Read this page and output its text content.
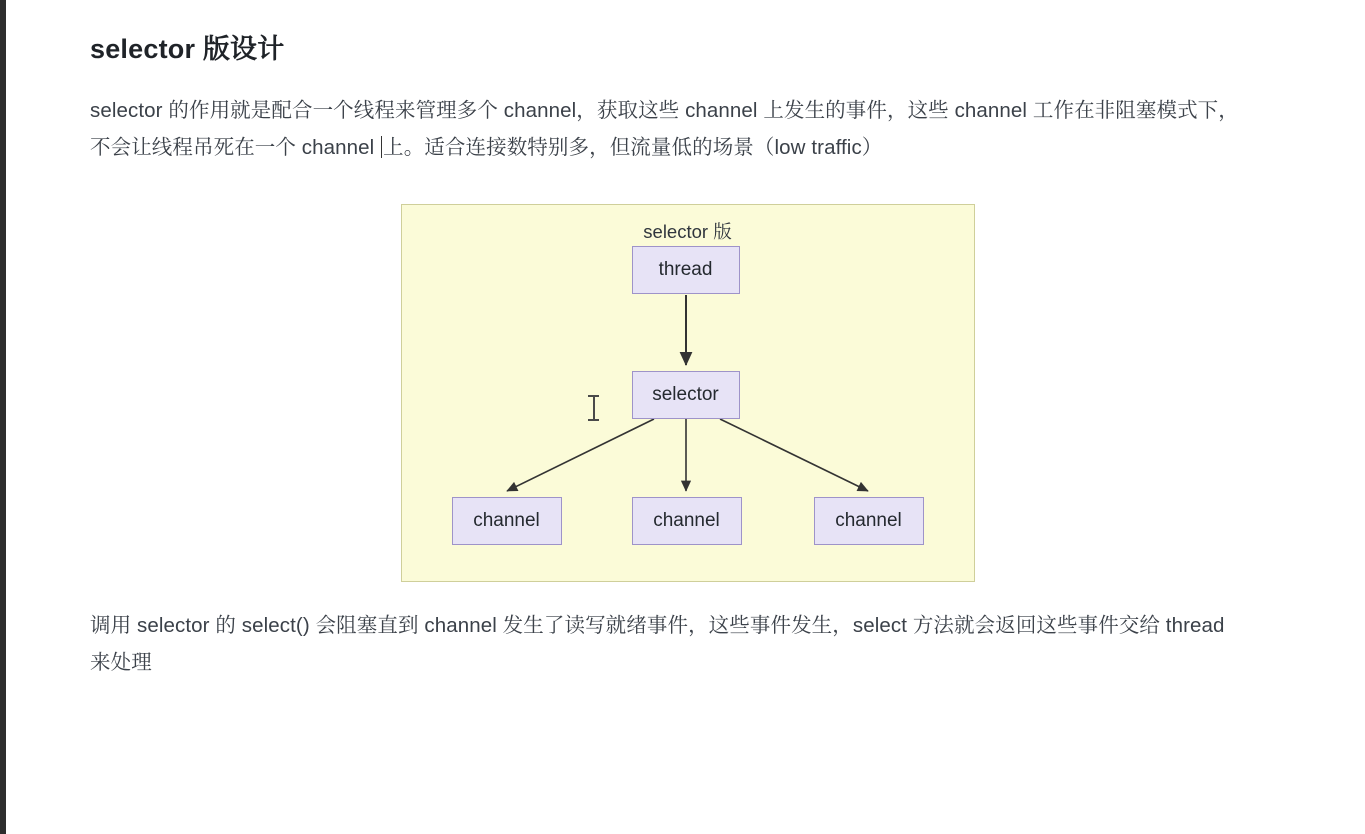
selector 版设计

selector 的作用就是配合一个线程来管理多个 channel，获取这些 channel 上发生的事件，这些 channel 工作在非阻塞模式下，不会让线程吊死在一个 channel 上。适合连接数特别多，但流量低的场景（low traffic）

selector 版
thread
selector
channel	channel	channel

调用 selector 的 select() 会阻塞直到 channel 发生了读写就绪事件，这些事件发生，select 方法就会返回这些事件交给 thread 来处理
